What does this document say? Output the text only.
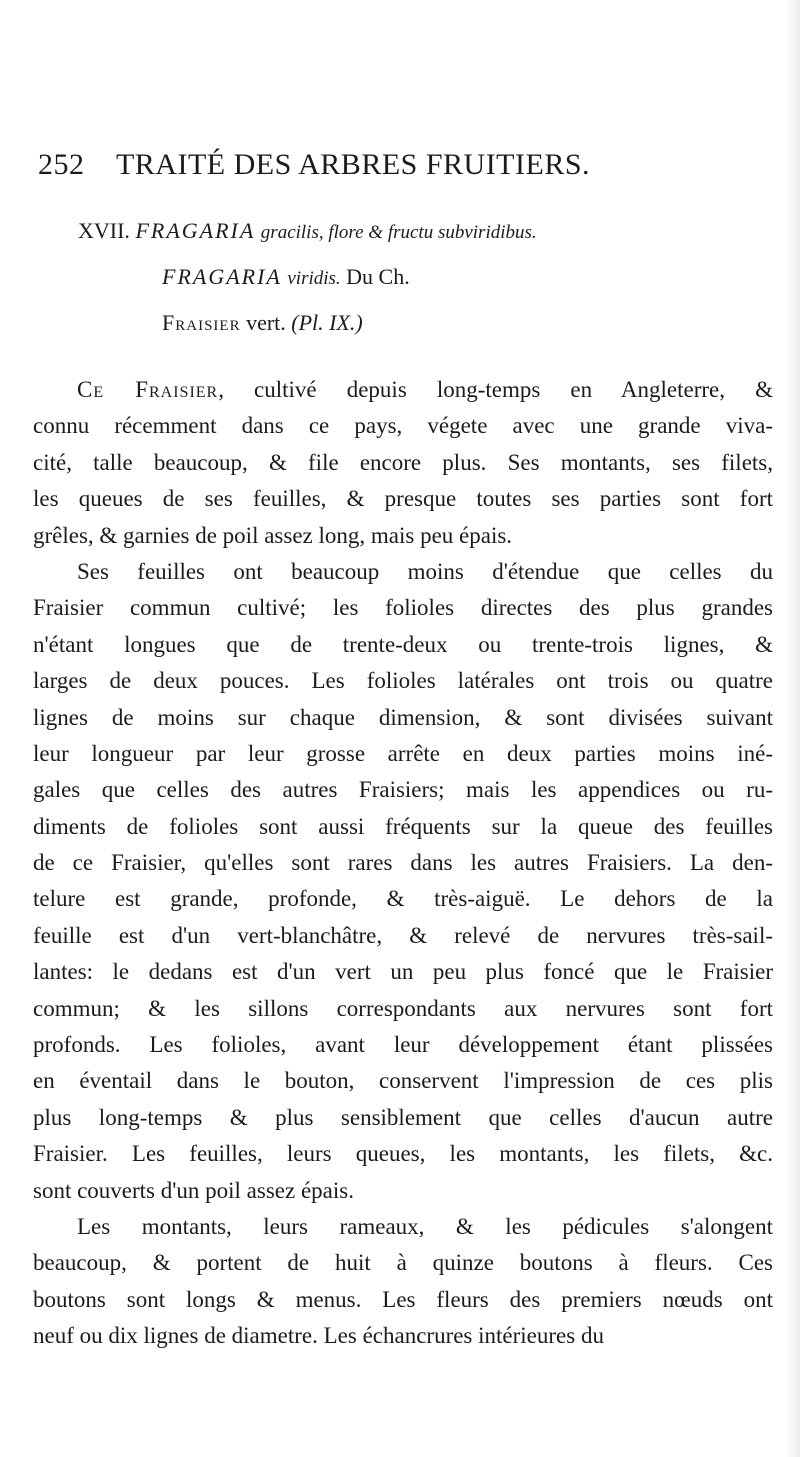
252 TRAITÉ DES ARBRES FRUITIERS.
XVII. FRAGARIA gracilis, flore & fructu subviridibus.
FRAGARIA viridis. Du Ch.
Fraisier vert. (Pl. IX.)
Ce Fraisier, cultivé depuis long-temps en Angleterre, &
connu récemment dans ce pays, végete avec une grande viva-
cité, talle beaucoup, & file encore plus. Ses montants, ses filets,
les queues de ses feuilles, & presque toutes ses parties sont fort
grêles, & garnies de poil assez long, mais peu épais.
Ses feuilles ont beaucoup moins d'étendue que celles du
Fraisier commun cultivé; les folioles directes des plus grandes
n'étant longues que de trente-deux ou trente-trois lignes, &
larges de deux pouces. Les folioles latérales ont trois ou quatre
lignes de moins sur chaque dimension, & sont divisées suivant
leur longueur par leur grosse arrête en deux parties moins iné-
gales que celles des autres Fraisiers; mais les appendices ou ru-
diments de folioles sont aussi fréquents sur la queue des feuilles
de ce Fraisier, qu'elles sont rares dans les autres Fraisiers. La den-
telure est grande, profonde, & très-aiguë. Le dehors de la
feuille est d'un vert-blanchâtre, & relevé de nervures très-sail-
lantes: le dedans est d'un vert un peu plus foncé que le Fraisier
commun; & les sillons correspondants aux nervures sont fort
profonds. Les folioles, avant leur développement étant plissées
en éventail dans le bouton, conservent l'impression de ces plis
plus long-temps & plus sensiblement que celles d'aucun autre
Fraisier. Les feuilles, leurs queues, les montants, les filets, &c.
sont couverts d'un poil assez épais.
Les montants, leurs rameaux, & les pédicules s'alongent
beaucoup, & portent de huit à quinze boutons à fleurs. Ces
boutons sont longs & menus. Les fleurs des premiers nœuds ont
neuf ou dix lignes de diametre. Les échancrures intérieures du
